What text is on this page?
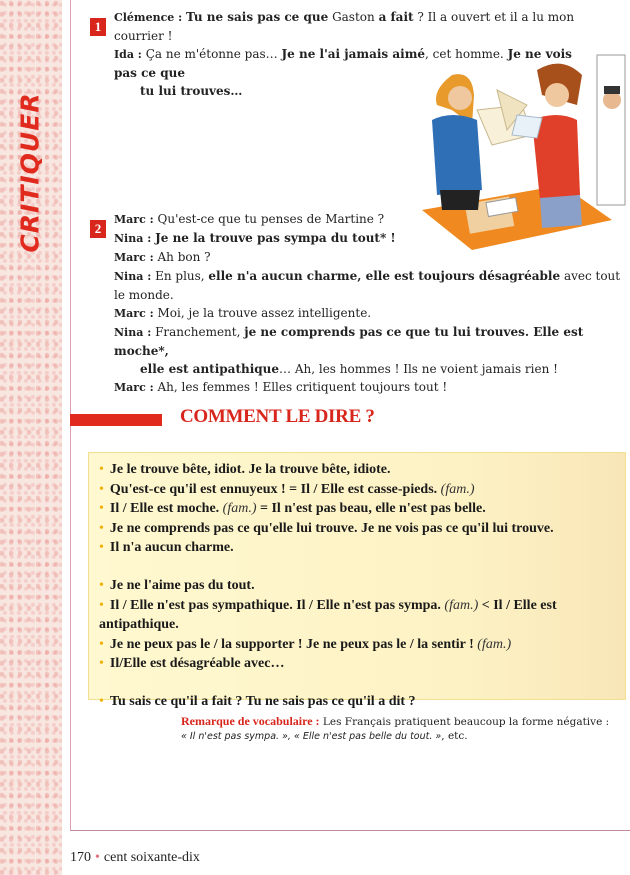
CRITIQUER
1

Clémence : Tu ne sais pas ce que Gaston a fait ? Il a ouvert et il a lu mon courrier !

Ida : Ça ne m'étonne pas… Je ne l'ai jamais aimé, cet homme. Je ne vois pas ce que

tu lui trouves…

2

Marc : Qu'est-ce que tu penses de Martine ?

Nina : Je ne la trouve pas sympa du tout* !

Marc : Ah bon ?

Nina : En plus, elle n'a aucun charme, elle est toujours désagréable avec tout le monde.

Marc : Moi, je la trouve assez intelligente.

Nina : Franchement, je ne comprends pas ce que tu lui trouves. Elle est moche*,

elle est antipathique… Ah, les hommes ! Ils ne voient jamais rien !

Marc : Ah, les femmes ! Elles critiquent toujours tout !

COMMENT LE DIRE ?
• Je le trouve bête, idiot. Je la trouve bête, idiote.
• Qu'est-ce qu'il est ennuyeux ! = Il / Elle est casse-pieds. (fam.)
• Il / Elle est moche. (fam.) = Il n'est pas beau, elle n'est pas belle.
• Je ne comprends pas ce qu'elle lui trouve. Je ne vois pas ce qu'il lui trouve.
• Il n'a aucun charme.
• Je ne l'aime pas du tout.
• Il / Elle n'est pas sympathique. Il / Elle n'est pas sympa. (fam.) < Il / Elle est antipathique.
• Je ne peux pas le / la supporter ! Je ne peux pas le / la sentir ! (fam.)
• Il/Elle est désagréable avec…
• Tu sais ce qu'il a fait ? Tu ne sais pas ce qu'il a dit ?
Remarque de vocabulaire : Les Français pratiquent beaucoup la forme négative :
« Il n'est pas sympa. », « Elle n'est pas belle du tout. », etc.
170 • cent soixante-dix
